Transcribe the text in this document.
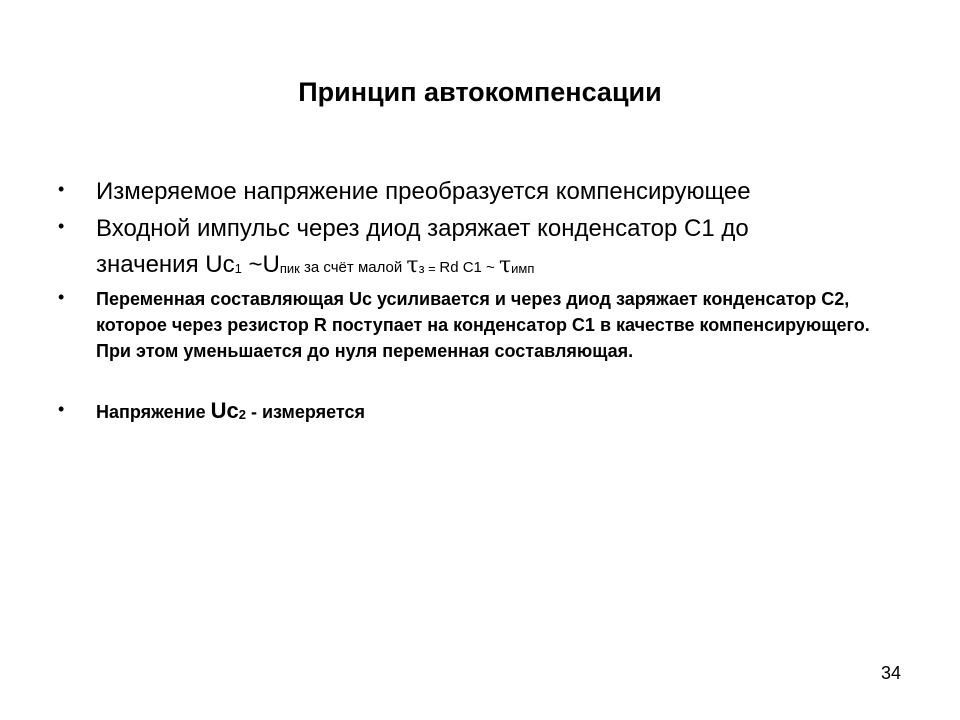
Принцип автокомпенсации
• Измеряемое напряжение преобразуется компенсирующее
• Входной импульс через диод заряжает конденсатор С1 до
значения Uc1 ~Uпик за счёт малой τз = Rd C1 ~ τимп
• Переменная составляющая Uc усиливается и через диод заряжает конденсатор С2, которое через резистор R поступает на конденсатор С1 в качестве компенсирующего. При этом уменьшается до нуля переменная составляющая.
• Напряжение Uc2 - измеряется
34
